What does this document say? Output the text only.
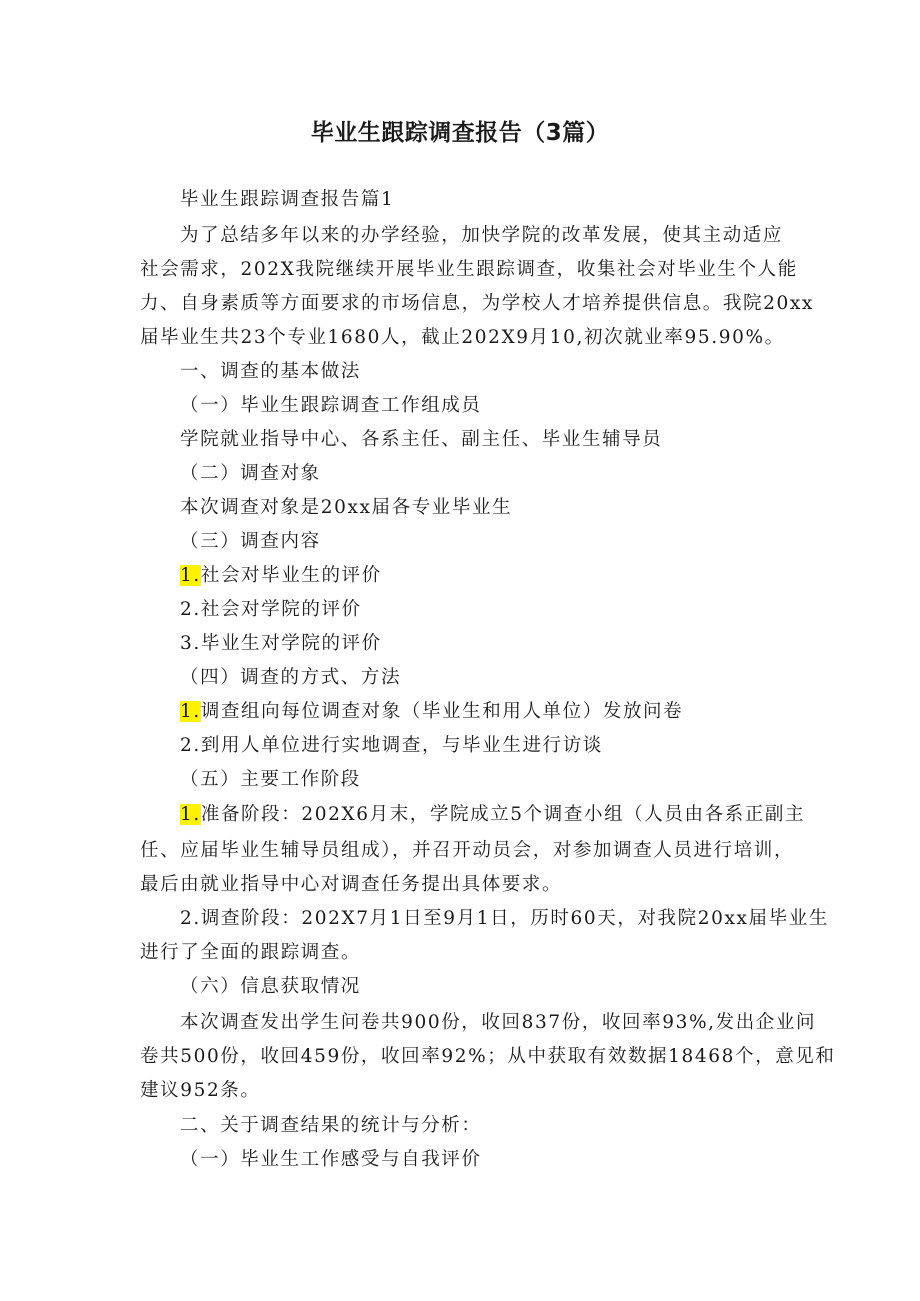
毕业生跟踪调查报告（3篇）
毕业生跟踪调查报告篇1
为了总结多年以来的办学经验，加快学院的改革发展，使其主动适应
社会需求，202X我院继续开展毕业生跟踪调查，收集社会对毕业生个人能
力、自身素质等方面要求的市场信息，为学校人才培养提供信息。我院20xx
届毕业生共23个专业1680人，截止202X9月10,初次就业率95.90%。
一、调查的基本做法
（一）毕业生跟踪调查工作组成员
学院就业指导中心、各系主任、副主任、毕业生辅导员
（二）调查对象
本次调查对象是20xx届各专业毕业生
（三）调查内容
1.社会对毕业生的评价
2.社会对学院的评价
3.毕业生对学院的评价
（四）调查的方式、方法
1.调查组向每位调查对象（毕业生和用人单位）发放问卷
2.到用人单位进行实地调查，与毕业生进行访谈
（五）主要工作阶段
1.准备阶段：202X6月末，学院成立5个调查小组（人员由各系正副主
任、应届毕业生辅导员组成），并召开动员会，对参加调查人员进行培训，
最后由就业指导中心对调查任务提出具体要求。
2.调查阶段：202X7月1日至9月1日，历时60天，对我院20xx届毕业生
进行了全面的跟踪调查。
（六）信息获取情况
本次调查发出学生问卷共900份，收回837份，收回率93%,发出企业问
卷共500份，收回459份，收回率92%；从中获取有效数据18468个，意见和
建议952条。
二、关于调查结果的统计与分析：
（一）毕业生工作感受与自我评价
